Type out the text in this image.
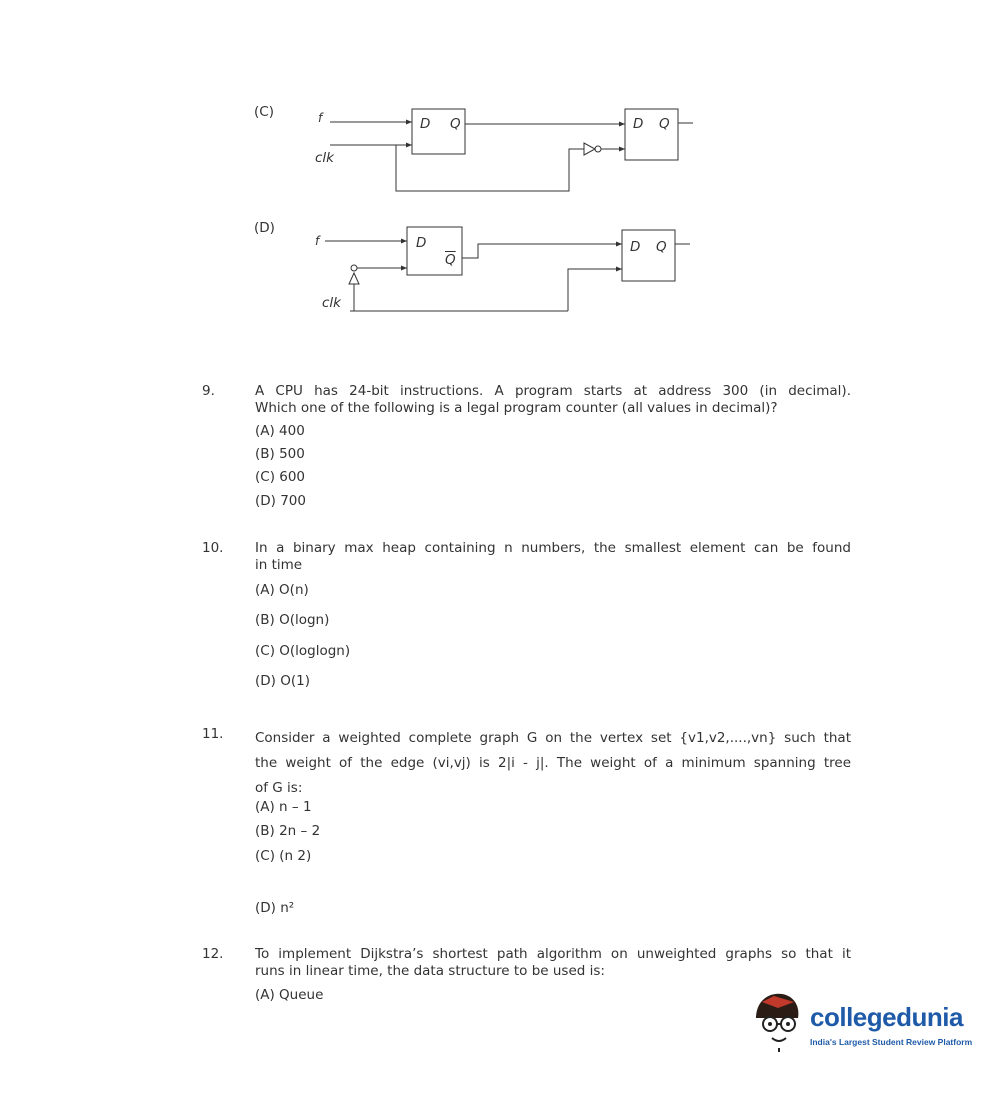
(C)	f
clk
D Q	D Q
(D)
f
clk
D
$\overline{Q}$
D Q
9.	A CPU has 24-bit instructions. A program starts at address 300 (in decimal).
Which one of the following is a legal program counter (all values in decimal)?
(A) 400
(B) 500
(C) 600
(D) 700
10. In a binary max heap containing n numbers, the smallest element can be found
in time
(A) O(n)
(B) O(logn)
(C) O(loglogn)
(D) O(1)
11. Consider a weighted complete graph G on the vertex set {v1,v2,....,vn} such that
the weight of the edge (vi,vj) is 2|i - j|. The weight of a minimum spanning tree
of G is:
(A) n – 1
(B) 2n – 2
(C) (n 2)
(D) n²
12. To implement Dijkstra’s shortest path algorithm on unweighted graphs so that it
runs in linear time, the data structure to be used is:
(A) Queue
collegedunia
India's Largest Student Review Platform
